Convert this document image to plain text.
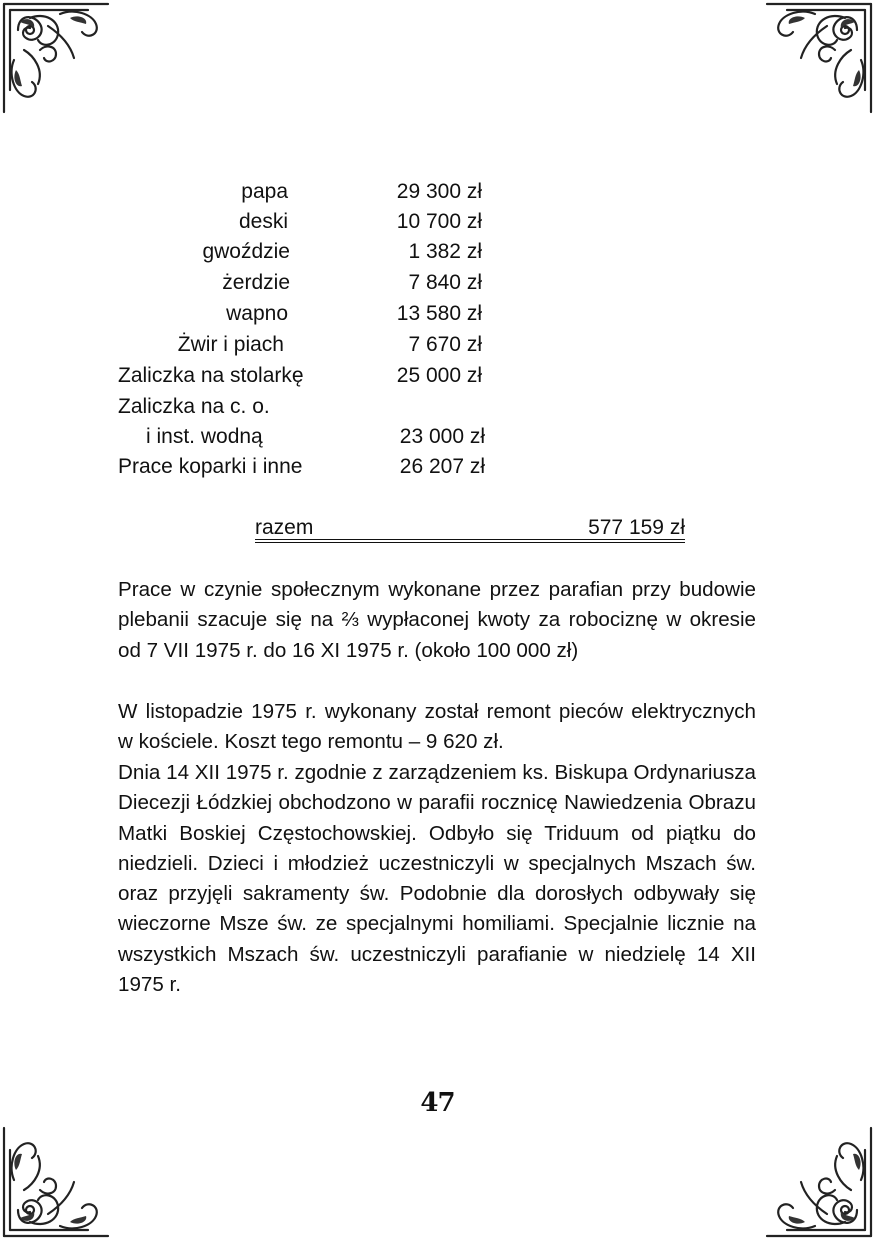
papa	29 300 zł
deski	10 700 zł
gwoździe	1 382 zł
żerdzie	7 840 zł
wapno	13 580 zł
Żwir i piach	7 670 zł
Zaliczka na stolarkę	25 000 zł
Zaliczka na c. o.
i inst. wodną	23 000 zł
Prace koparki i inne	26 207 zł
razem	577 159 zł

Prace w czynie społecznym wykonane przez parafian przy budowie plebanii szacuje się na ⅔ wypłaconej kwoty za robociznę w okresie od 7 VII 1975 r. do 16 XI 1975 r. (około 100 000 zł)

W listopadzie 1975 r. wykonany został remont pieców elektrycznych w kościele. Koszt tego remontu – 9 620 zł.

Dnia 14 XII 1975 r. zgodnie z zarządzeniem ks. Biskupa Ordynariusza Diecezji Łódzkiej obchodzono w parafii rocznicę Nawiedzenia Obrazu Matki Boskiej Częstochowskiej. Odbyło się Triduum od piątku do niedzieli. Dzieci i młodzież uczestniczyli w specjalnych Mszach św. oraz przyjęli sakramenty św. Podobnie dla dorosłych odbywały się wieczorne Msze św. ze specjalnymi homiliami. Specjalnie licznie na wszystkich Mszach św. uczestniczyli parafianie w niedzielę 14 XII 1975 r.

47
